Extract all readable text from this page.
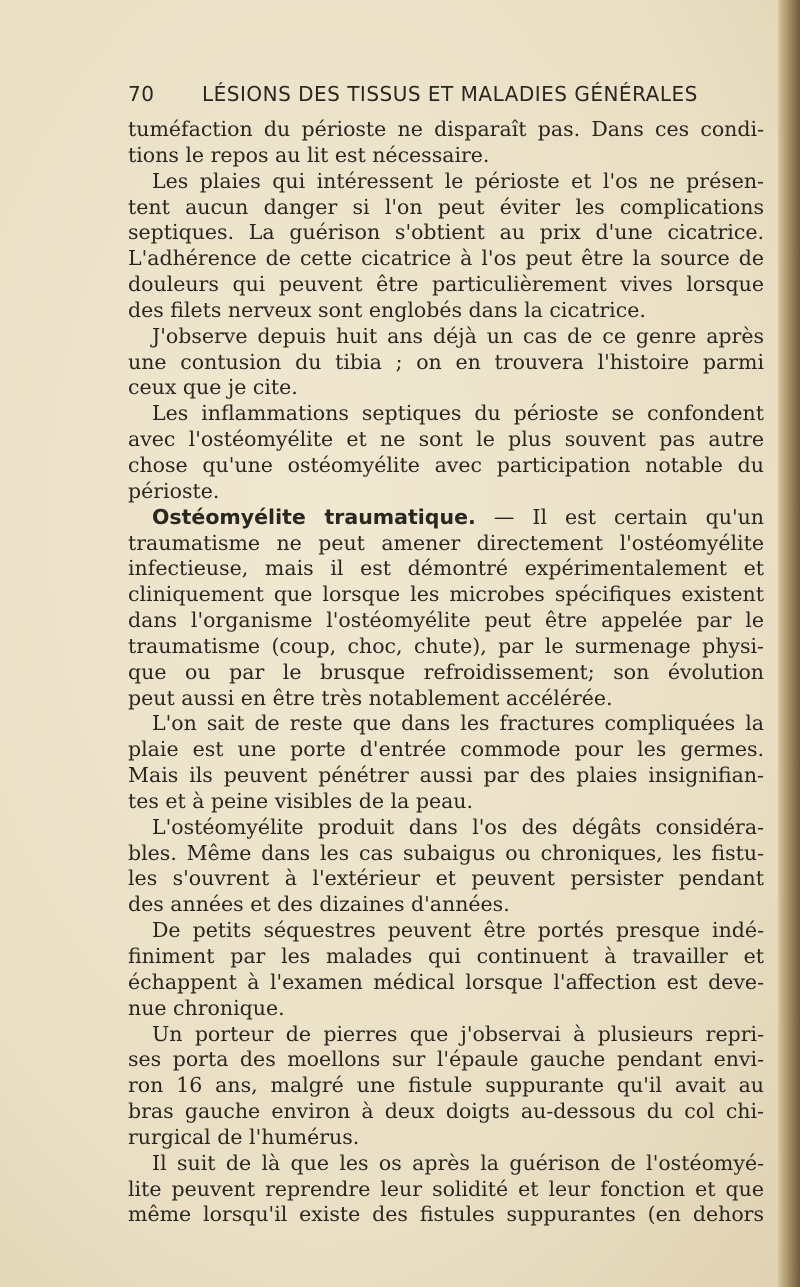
70 LÉSIONS DES TISSUS ET MALADIES GÉNÉRALES
tuméfaction du périoste ne disparaît pas. Dans ces condi-
tions le repos au lit est nécessaire.
Les plaies qui intéressent le périoste et l'os ne présen-
tent aucun danger si l'on peut éviter les complications
septiques. La guérison s'obtient au prix d'une cicatrice.
L'adhérence de cette cicatrice à l'os peut être la source de
douleurs qui peuvent être particulièrement vives lorsque
des filets nerveux sont englobés dans la cicatrice.
J'observe depuis huit ans déjà un cas de ce genre après
une contusion du tibia ; on en trouvera l'histoire parmi
ceux que je cite.
Les inflammations septiques du périoste se confondent
avec l'ostéomyélite et ne sont le plus souvent pas autre
chose qu'une ostéomyélite avec participation notable du
périoste.
Ostéomyélite traumatique. — Il est certain qu'un
traumatisme ne peut amener directement l'ostéomyélite
infectieuse, mais il est démontré expérimentalement et
cliniquement que lorsque les microbes spécifiques existent
dans l'organisme l'ostéomyélite peut être appelée par le
traumatisme (coup, choc, chute), par le surmenage physi-
que ou par le brusque refroidissement; son évolution
peut aussi en être très notablement accélérée.
L'on sait de reste que dans les fractures compliquées la
plaie est une porte d'entrée commode pour les germes.
Mais ils peuvent pénétrer aussi par des plaies insignifian-
tes et à peine visibles de la peau.
L'ostéomyélite produit dans l'os des dégâts considéra-
bles. Même dans les cas subaigus ou chroniques, les fistu-
les s'ouvrent à l'extérieur et peuvent persister pendant
des années et des dizaines d'années.
De petits séquestres peuvent être portés presque indé-
finiment par les malades qui continuent à travailler et
échappent à l'examen médical lorsque l'affection est deve-
nue chronique.
Un porteur de pierres que j'observai à plusieurs repri-
ses porta des moellons sur l'épaule gauche pendant envi-
ron 16 ans, malgré une fistule suppurante qu'il avait au
bras gauche environ à deux doigts au-dessous du col chi-
rurgical de l'humérus.
Il suit de là que les os après la guérison de l'ostéomyé-
lite peuvent reprendre leur solidité et leur fonction et que
même lorsqu'il existe des fistules suppurantes (en dehors
